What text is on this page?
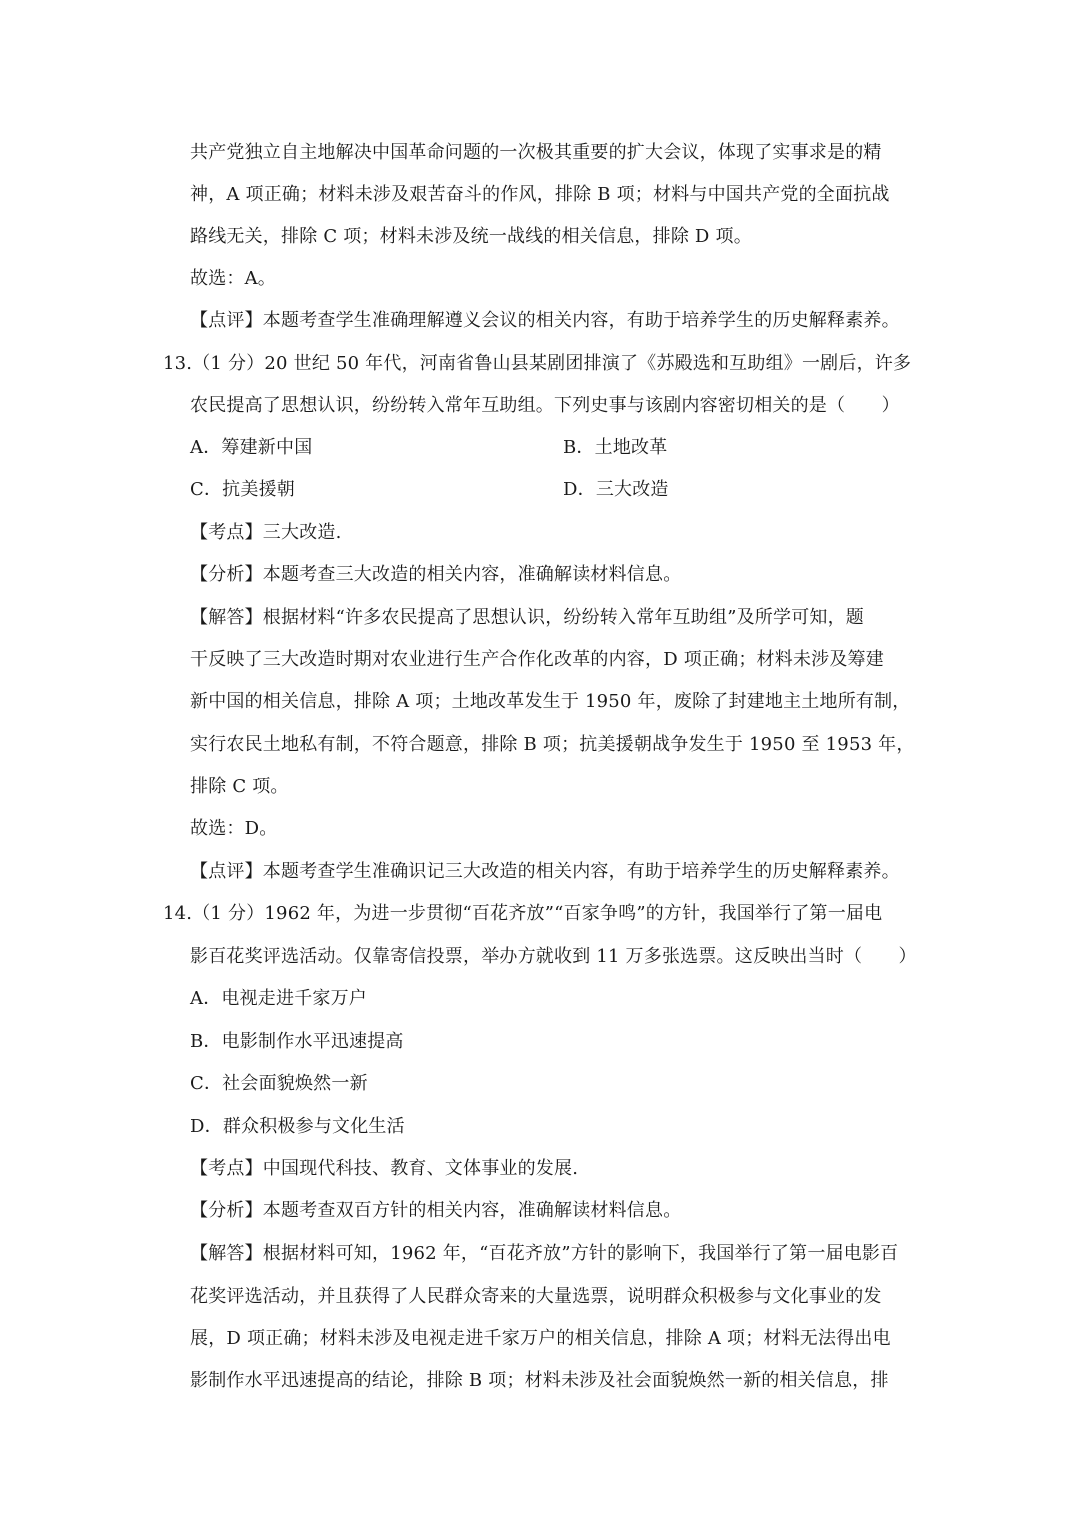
共产党独立自主地解决中国革命问题的一次极其重要的扩大会议，体现了实事求是的精
神，A 项正确；材料未涉及艰苦奋斗的作风，排除 B 项；材料与中国共产党的全面抗战
路线无关，排除 C 项；材料未涉及统一战线的相关信息，排除 D 项。
故选：A。
【点评】本题考查学生准确理解遵义会议的相关内容，有助于培养学生的历史解释素养。
13.（1 分）20 世纪 50 年代，河南省鲁山县某剧团排演了《苏殿选和互助组》一剧后，许多
农民提高了思想认识，纷纷转入常年互助组。下列史事与该剧内容密切相关的是（　　）
A．筹建新中国	B．土地改革
C．抗美援朝	D．三大改造
【考点】三大改造.
【分析】本题考查三大改造的相关内容，准确解读材料信息。
【解答】根据材料“许多农民提高了思想认识，纷纷转入常年互助组”及所学可知，题
干反映了三大改造时期对农业进行生产合作化改革的内容，D 项正确；材料未涉及筹建
新中国的相关信息，排除 A 项；土地改革发生于 1950 年，废除了封建地主土地所有制，
实行农民土地私有制，不符合题意，排除 B 项；抗美援朝战争发生于 1950 至 1953 年，
排除 C 项。
故选：D。
【点评】本题考查学生准确识记三大改造的相关内容，有助于培养学生的历史解释素养。
14.（1 分）1962 年，为进一步贯彻“百花齐放”“百家争鸣”的方针，我国举行了第一届电
影百花奖评选活动。仅靠寄信投票，举办方就收到 11 万多张选票。这反映出当时（　　）
A．电视走进千家万户
B．电影制作水平迅速提高
C．社会面貌焕然一新
D．群众积极参与文化生活
【考点】中国现代科技、教育、文体事业的发展.
【分析】本题考查双百方针的相关内容，准确解读材料信息。
【解答】根据材料可知，1962 年，“百花齐放”方针的影响下，我国举行了第一届电影百
花奖评选活动，并且获得了人民群众寄来的大量选票，说明群众积极参与文化事业的发
展，D 项正确；材料未涉及电视走进千家万户的相关信息，排除 A 项；材料无法得出电
影制作水平迅速提高的结论，排除 B 项；材料未涉及社会面貌焕然一新的相关信息，排
